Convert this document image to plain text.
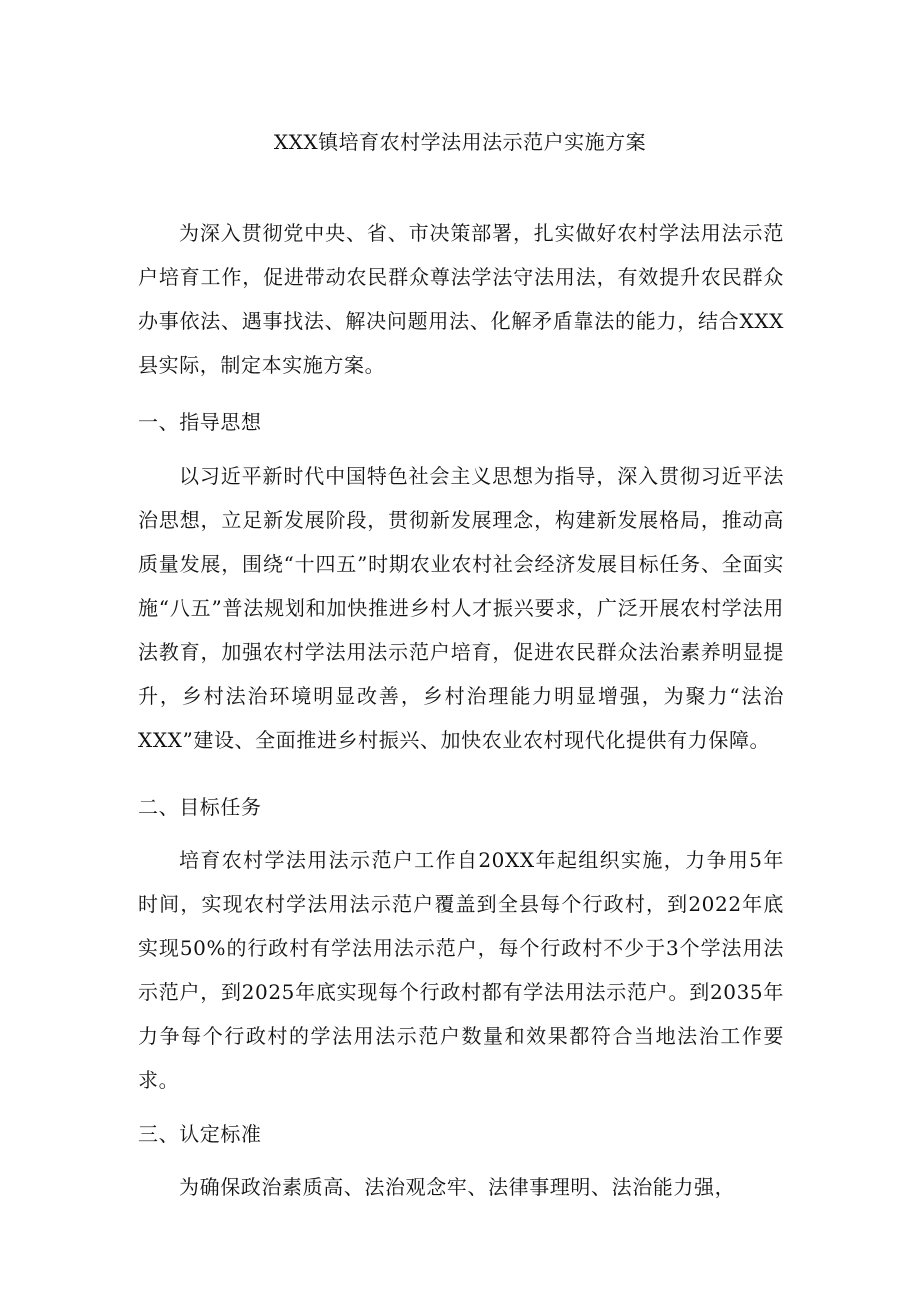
XXX镇培育农村学法用法示范户实施方案
为深入贯彻党中央、省、市决策部署，扎实做好农村学法用法示范户培育工作，促进带动农民群众尊法学法守法用法，有效提升农民群众办事依法、遇事找法、解决问题用法、化解矛盾靠法的能力，结合XXX县实际，制定本实施方案。
一、指导思想
以习近平新时代中国特色社会主义思想为指导，深入贯彻习近平法治思想，立足新发展阶段，贯彻新发展理念，构建新发展格局，推动高质量发展，围绕“十四五”时期农业农村社会经济发展目标任务、全面实施“八五”普法规划和加快推进乡村人才振兴要求，广泛开展农村学法用法教育，加强农村学法用法示范户培育，促进农民群众法治素养明显提升，乡村法治环境明显改善，乡村治理能力明显增强，为聚力“法治XXX”建设、全面推进乡村振兴、加快农业农村现代化提供有力保障。
二、目标任务
培育农村学法用法示范户工作自20XX年起组织实施，力争用5年时间，实现农村学法用法示范户覆盖到全县每个行政村，到2022年底实现50%的行政村有学法用法示范户，每个行政村不少于3个学法用法示范户，到2025年底实现每个行政村都有学法用法示范户。到2035年力争每个行政村的学法用法示范户数量和效果都符合当地法治工作要求。
三、认定标准
为确保政治素质高、法治观念牢、法律事理明、法治能力强，
